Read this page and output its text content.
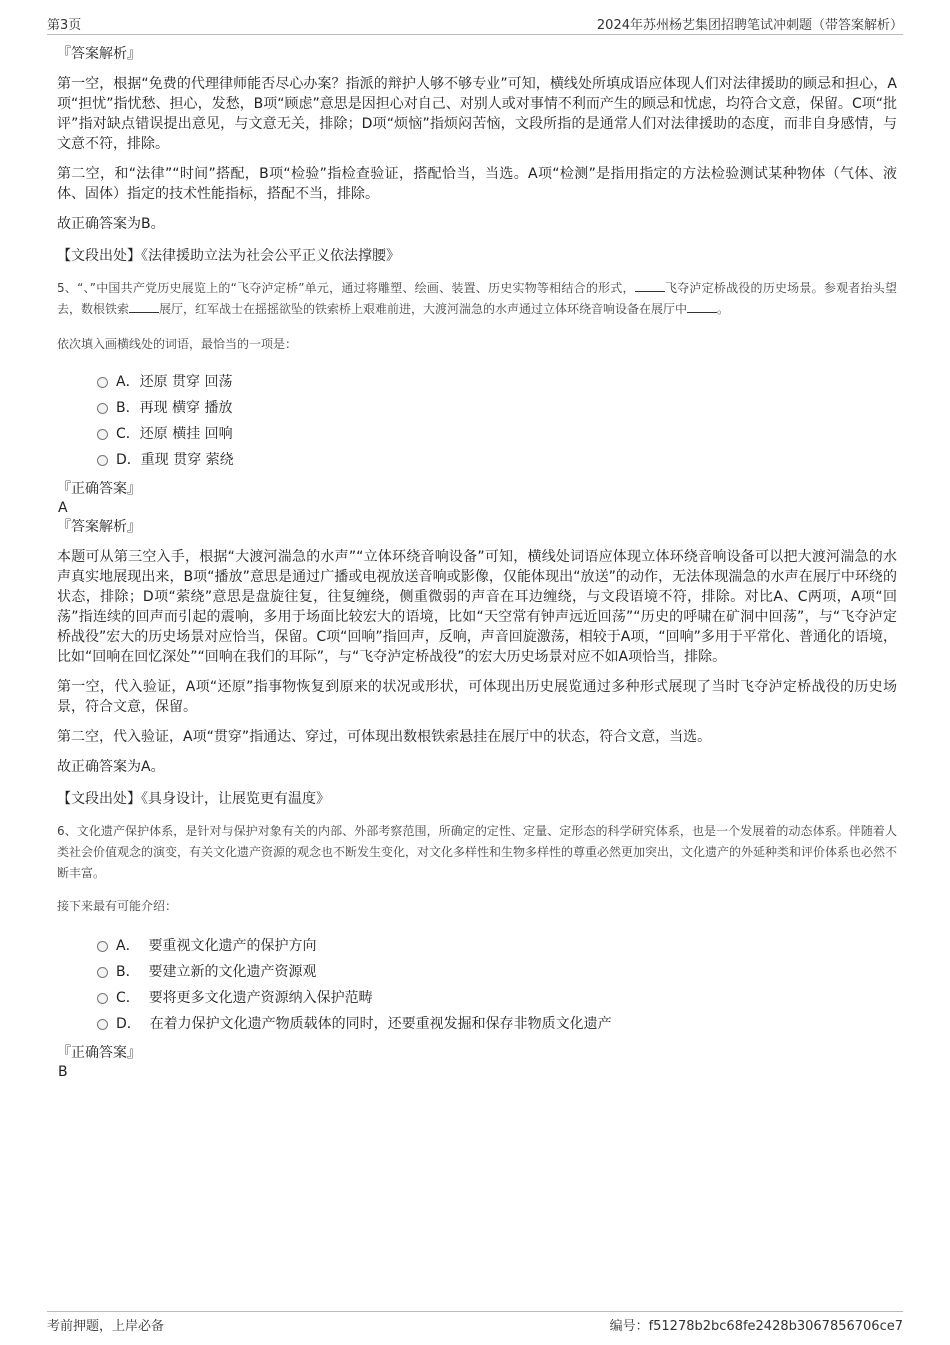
第3页	2024年苏州杨艺集团招聘笔试冲刺题（带答案解析）

『答案解析』

第一空，根据“免费的代理律师能否尽心办案？指派的辩护人够不够专业”可知，横线处所填成语应体现人们对法律援助的顾忌和担心，A项“担忧”指忧愁、担心，发愁，B项“顾虑”意思是因担心对自己、对别人或对事情不利而产生的顾忌和忧虑，均符合文意，保留。C项“批评”指对缺点错误提出意见，与文意无关，排除；D项“烦恼”指烦闷苦恼，文段所指的是通常人们对法律援助的态度，而非自身感情，与文意不符，排除。

第二空，和“法律”“时间”搭配，B项“检验”指检查验证，搭配恰当，当选。A项“检测”是指用指定的方法检验测试某种物体（气体、液体、固体）指定的技术性能指标，搭配不当，排除。

故正确答案为B。

【文段出处】《法律援助立法为社会公平正义依法撑腰》

5、“、”中国共产党历史展览上的“飞夺泸定桥”单元，通过将雕塑、绘画、装置、历史实物等相结合的形式，	飞夺泸定桥战役的历史场景。参观者抬头望去，数根铁索	展厅，红军战士在摇摇欲坠的铁索桥上艰难前进，大渡河湍急的水声通过立体环绕音响设备在展厅中	。

依次填入画横线处的词语，最恰当的一项是：

A．还原 贯穿 回荡
B．再现 横穿 播放
C．还原 横挂 回响
D．重现 贯穿 萦绕

『正确答案』

A

『答案解析』

本题可从第三空入手，根据“大渡河湍急的水声”“立体环绕音响设备”可知，横线处词语应体现立体环绕音响设备可以把大渡河湍急的水声真实地展现出来，B项“播放”意思是通过广播或电视放送音响或影像，仅能体现出“放送”的动作，无法体现湍急的水声在展厅中环绕的状态，排除；D项“萦绕”意思是盘旋往复，往复缠绕，侧重微弱的声音在耳边缠绕，与文段语境不符，排除。对比A、C两项，A项“回荡”指连续的回声而引起的震响，多用于场面比较宏大的语境，比如“天空常有钟声远近回荡”“历史的呼啸在矿洞中回荡”，与“飞夺泸定桥战役”宏大的历史场景对应恰当，保留。C项“回响”指回声，反响，声音回旋激荡，相较于A项，“回响”多用于平常化、普通化的语境，比如“回响在回忆深处”“回响在我们的耳际”，与“飞夺泸定桥战役”的宏大历史场景对应不如A项恰当，排除。

第一空，代入验证，A项“还原”指事物恢复到原来的状况或形状，可体现出历史展览通过多种形式展现了当时飞夺泸定桥战役的历史场景，符合文意，保留。

第二空，代入验证，A项“贯穿”指通达、穿过，可体现出数根铁索悬挂在展厅中的状态，符合文意，当选。

故正确答案为A。

【文段出处】《具身设计，让展览更有温度》

6、文化遗产保护体系，是针对与保护对象有关的内部、外部考察范围，所确定的定性、定量、定形态的科学研究体系，也是一个发展着的动态体系。伴随着人类社会价值观念的演变，有关文化遗产资源的观念也不断发生变化，对文化多样性和生物多样性的尊重必然更加突出，文化遗产的外延种类和评价体系也必然不断丰富。

接下来最有可能介绍：

A． 要重视文化遗产的保护方向
B． 要建立新的文化遗产资源观
C． 要将更多文化遗产资源纳入保护范畴
D． 在着力保护文化遗产物质载体的同时，还要重视发掘和保存非物质文化遗产

『正确答案』

B

考前押题，上岸必备	编号：f51278b2bc68fe2428b3067856706ce7
